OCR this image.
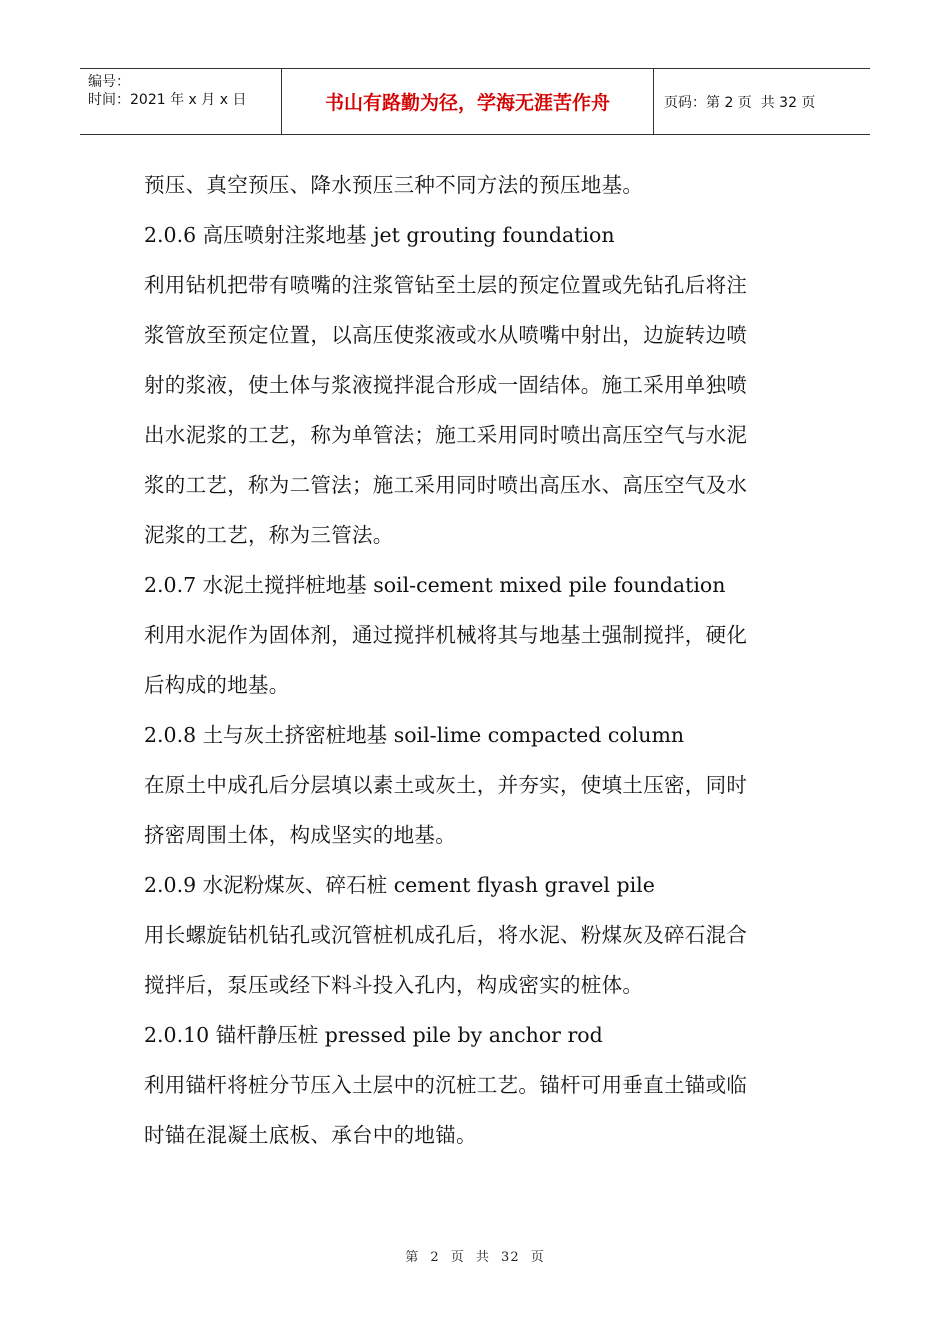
编号：
时间：2021 年 x 月 x 日	书山有路勤为径，学海无涯苦作舟	页码：第 2 页  共 32 页
预压、真空预压、降水预压三种不同方法的预压地基。
2.0.6 高压喷射注浆地基 jet grouting foundation
利用钻机把带有喷嘴的注浆管钻至土层的预定位置或先钻孔后将注
浆管放至预定位置，以高压使浆液或水从喷嘴中射出，边旋转边喷
射的浆液，使土体与浆液搅拌混合形成一固结体。施工采用单独喷
出水泥浆的工艺，称为单管法；施工采用同时喷出高压空气与水泥
浆的工艺，称为二管法；施工采用同时喷出高压水、高压空气及水
泥浆的工艺，称为三管法。
2.0.7 水泥土搅拌桩地基 soil-cement mixed pile foundation
利用水泥作为固体剂，通过搅拌机械将其与地基土强制搅拌，硬化
后构成的地基。
2.0.8 土与灰土挤密桩地基 soil-lime compacted column
在原土中成孔后分层填以素土或灰土，并夯实，使填土压密，同时
挤密周围土体，构成坚实的地基。
2.0.9 水泥粉煤灰、碎石桩 cement flyash gravel pile
用长螺旋钻机钻孔或沉管桩机成孔后，将水泥、粉煤灰及碎石混合
搅拌后，泵压或经下料斗投入孔内，构成密实的桩体。
2.0.10 锚杆静压桩 pressed pile by anchor rod
利用锚杆将桩分节压入土层中的沉桩工艺。锚杆可用垂直土锚或临
时锚在混凝土底板、承台中的地锚。
第 2 页 共 32 页
